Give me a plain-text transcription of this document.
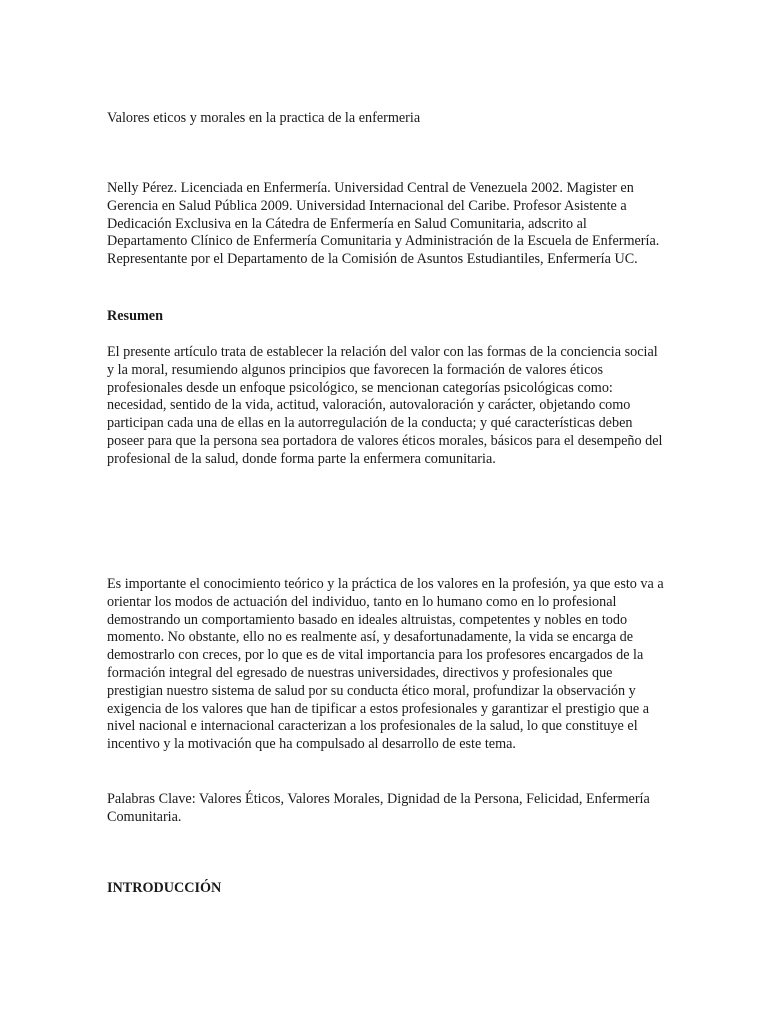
Valores eticos y morales en la practica de la enfermeria

Nelly Pérez. Licenciada en Enfermería. Universidad Central de Venezuela 2002. Magister en Gerencia en Salud Pública 2009. Universidad Internacional del Caribe. Profesor Asistente a Dedicación Exclusiva en la Cátedra de Enfermería en Salud Comunitaria, adscrito al Departamento Clínico de Enfermería Comunitaria y Administración de la Escuela de Enfermería. Representante por el Departamento de la Comisión de Asuntos Estudiantiles, Enfermería UC.

Resumen

El presente artículo trata de establecer la relación del valor con las formas de la conciencia social y la moral, resumiendo algunos principios que favorecen la formación de valores éticos profesionales desde un enfoque psicológico, se mencionan categorías psicológicas como: necesidad, sentido de la vida, actitud, valoración, autovaloración y carácter, objetando como participan cada una de ellas en la autorregulación de la conducta; y qué características deben poseer para que la persona sea portadora de valores éticos morales, básicos para el desempeño del profesional de la salud, donde forma parte la enfermera comunitaria.

Es importante el conocimiento teórico y la práctica de los valores en la profesión, ya que esto va a orientar los modos de actuación del individuo, tanto en lo humano como en lo profesional demostrando un comportamiento basado en ideales altruistas, competentes y nobles en todo momento. No obstante, ello no es realmente así, y desafortunadamente, la vida se encarga de demostrarlo con creces, por lo que es de vital importancia para los profesores encargados de la formación integral del egresado de nuestras universidades, directivos y profesionales que prestigian nuestro sistema de salud por su conducta ético moral, profundizar la observación y exigencia de los valores que han de tipificar a estos profesionales y garantizar el prestigio que a nivel nacional e internacional caracterizan a los profesionales de la salud, lo que constituye el incentivo y la motivación que ha compulsado al desarrollo de este tema.

Palabras Clave: Valores Éticos, Valores Morales, Dignidad de la Persona, Felicidad, Enfermería Comunitaria.

INTRODUCCIÓN
